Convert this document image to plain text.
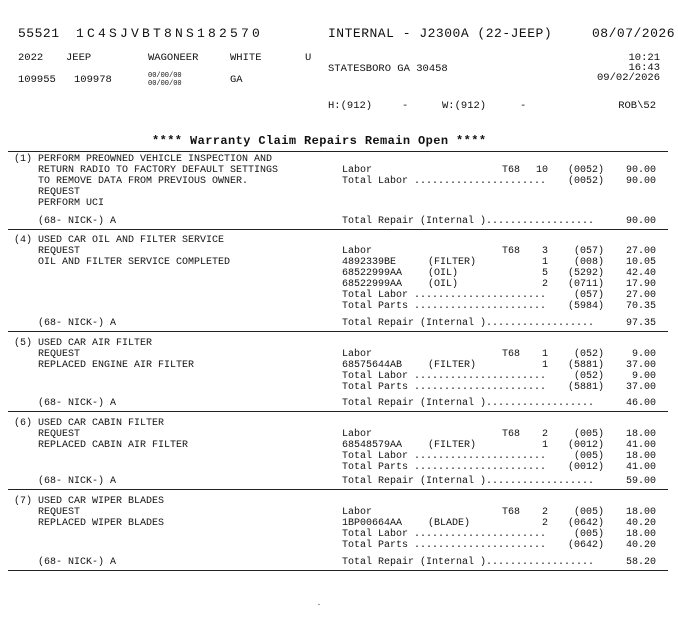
55521 1C4SJVBT8NS182570	INTERNAL - J2300A (22-JEEP)	08/07/2026
2022 JEEP	WAGONEER	WHITE	U
STATESBORO GA 30458
10:21
16:43
09/02/2026
109955 109978	00/00/00
00/00/00	GA
H:(912)	-	W:(912)	-	ROB\52
**** Warranty Claim Repairs Remain Open ****
(1) PERFORM PREOWNED VEHICLE INSPECTION AND
RETURN RADIO TO FACTORY DEFAULT SETTINGS
TO REMOVE DATA FROM PREVIOUS OWNER.
REQUEST
PERFORM UCI
Labor	T68 10 (0052) 90.00
Total Labor ...................... (0052) 90.00
(68- NICK-) A	Total Repair (Internal )..................	90.00
(4) USED CAR OIL AND FILTER SERVICE
REQUEST
OIL AND FILTER SERVICE COMPLETED
Labor	T68 3	(057) 27.00
4892339BE	(FILTER)	1	(008) 10.05
68522999AA	(OIL)	5 (5292) 42.40
68522999AA	(OIL)	2 (0711) 17.90
Total Labor ......................	(057) 27.00
Total Parts ...................... (5984) 70.35
(68- NICK-) A	Total Repair (Internal )..................	97.35
(5) USED CAR AIR FILTER
REQUEST
REPLACED ENGINE AIR FILTER
Labor	T68 1	(052)	9.00
68575644AB	(FILTER)	1 (5881) 37.00
Total Labor ......................	(052)	9.00
Total Parts ...................... (5881) 37.00
(68- NICK-) A	Total Repair (Internal )..................	46.00
(6) USED CAR CABIN FILTER
REQUEST
REPLACED CABIN AIR FILTER
Labor	T68 2	(005) 18.00
68548579AA	(FILTER)	1 (0012) 41.00
Total Labor ......................	(005) 18.00
Total Parts ...................... (0012) 41.00
(68- NICK-) A	Total Repair (Internal )..................	59.00
(7) USED CAR WIPER BLADES
REQUEST
REPLACED WIPER BLADES
Labor	T68 2	(005) 18.00
1BP00664AA	(BLADE)	2 (0642) 40.20
Total Labor ......................	(005) 18.00
Total Parts ...................... (0642) 40.20
(68- NICK-) A	Total Repair (Internal )..................	58.20
